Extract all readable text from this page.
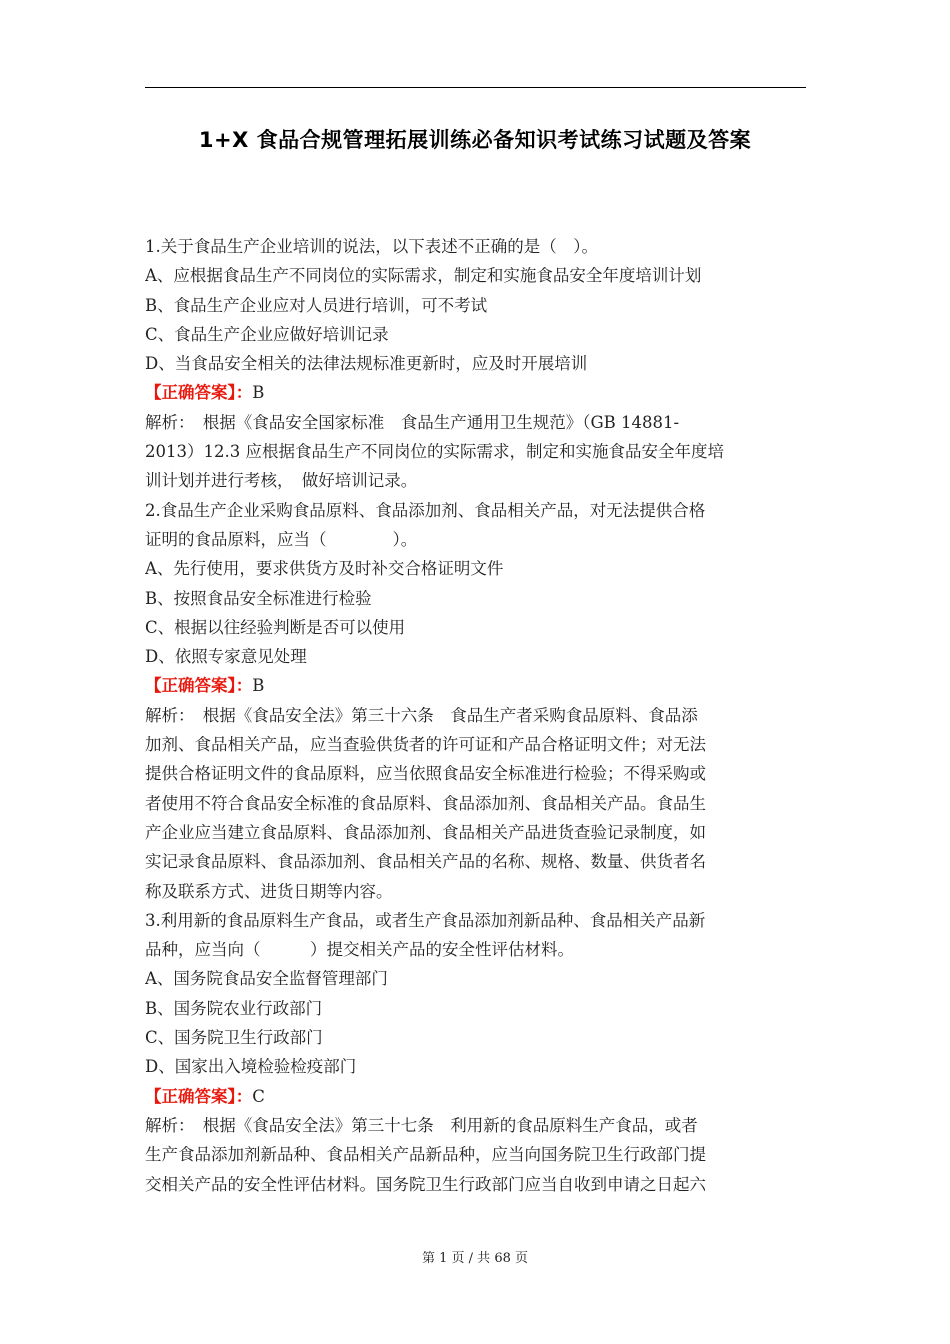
1+X 食品合规管理拓展训练必备知识考试练习试题及答案
1.关于食品生产企业培训的说法，以下表述不正确的是（　）。
A、应根据食品生产不同岗位的实际需求，制定和实施食品安全年度培训计划
B、食品生产企业应对人员进行培训，可不考试
C、食品生产企业应做好培训记录
D、当食品安全相关的法律法规标准更新时，应及时开展培训
【正确答案】：B
解析：　根据《食品安全国家标准　食品生产通用卫生规范》（GB 14881-
2013）12.3 应根据食品生产不同岗位的实际需求，制定和实施食品安全年度培
训计划并进行考核，　做好培训记录。
2.食品生产企业采购食品原料、食品添加剂、食品相关产品，对无法提供合格
证明的食品原料，应当（　　　　）。
A、先行使用，要求供货方及时补交合格证明文件
B、按照食品安全标准进行检验
C、根据以往经验判断是否可以使用
D、依照专家意见处理
【正确答案】：B
解析：　根据《食品安全法》第三十六条　食品生产者采购食品原料、食品添
加剂、食品相关产品，应当查验供货者的许可证和产品合格证明文件；对无法
提供合格证明文件的食品原料，应当依照食品安全标准进行检验；不得采购或
者使用不符合食品安全标准的食品原料、食品添加剂、食品相关产品。食品生
产企业应当建立食品原料、食品添加剂、食品相关产品进货查验记录制度，如
实记录食品原料、食品添加剂、食品相关产品的名称、规格、数量、供货者名
称及联系方式、进货日期等内容。
3.利用新的食品原料生产食品，或者生产食品添加剂新品种、食品相关产品新
品种，应当向（　　　）提交相关产品的安全性评估材料。
A、国务院食品安全监督管理部门
B、国务院农业行政部门
C、国务院卫生行政部门
D、国家出入境检验检疫部门
【正确答案】：C
解析：　根据《食品安全法》第三十七条　利用新的食品原料生产食品，或者
生产食品添加剂新品种、食品相关产品新品种，应当向国务院卫生行政部门提
交相关产品的安全性评估材料。国务院卫生行政部门应当自收到申请之日起六
第 1 页 / 共 68 页
